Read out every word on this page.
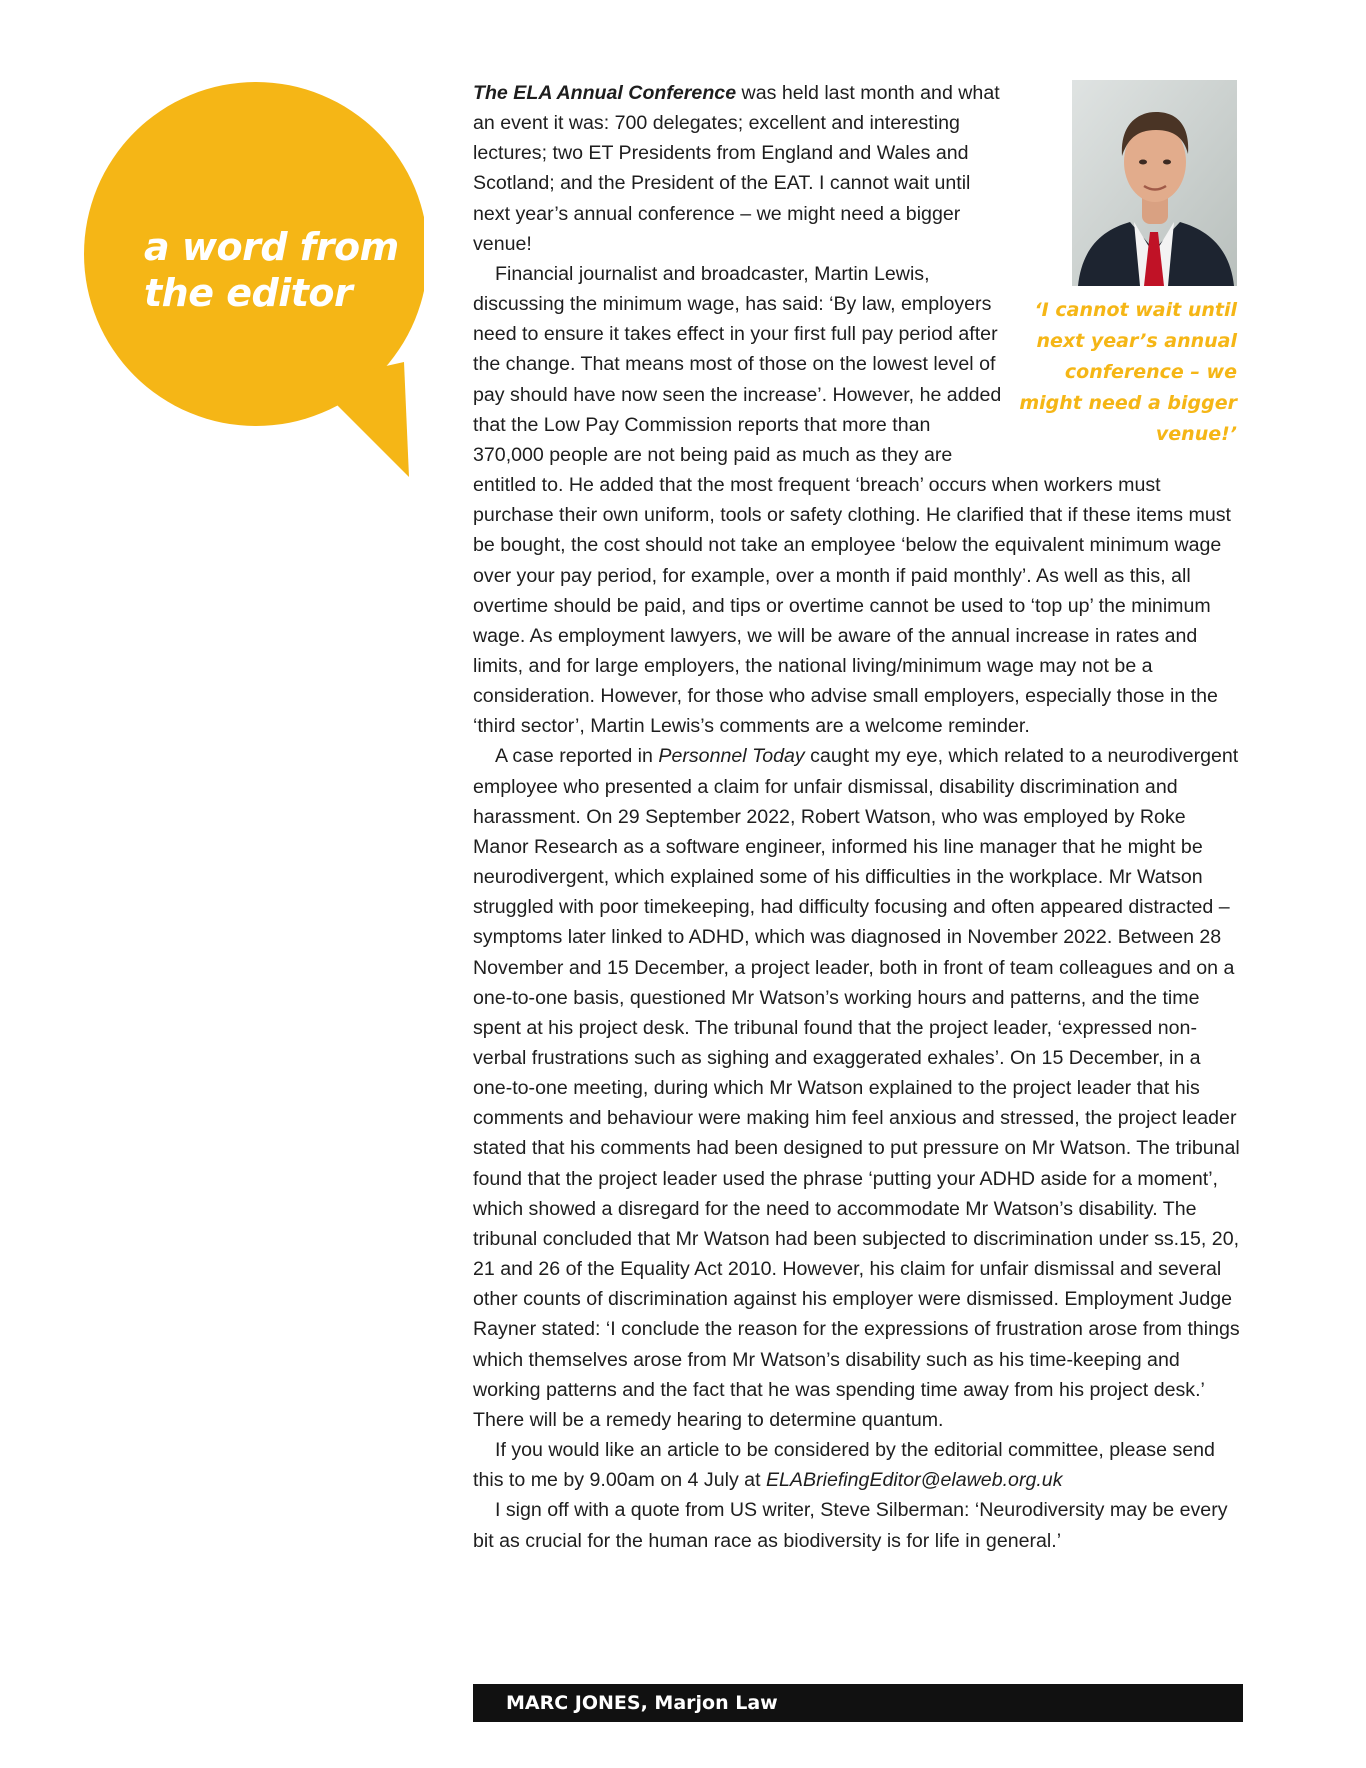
a word from
the editor	‘I cannot wait until next year’s annual conference – we might need a bigger venue!’

The ELA Annual Conference was held last month and what an event it was: 700 delegates; excellent and interesting lectures; two ET Presidents from England and Wales and Scotland; and the President of the EAT. I cannot wait until next year’s annual conference – we might need a bigger venue!

Financial journalist and broadcaster, Martin Lewis, discussing the minimum wage, has said: ‘By law, employers need to ensure it takes effect in your first full pay period after the change. That means most of those on the lowest level of pay should have now seen the increase’. However, he added that the Low Pay Commission reports that more than 370,000 people are not being paid as much as they are entitled to. He added that the most frequent ‘breach’ occurs when workers must purchase their own uniform, tools or safety clothing. He clarified that if these items must be bought, the cost should not take an employee ‘below the equivalent minimum wage over your pay period, for example, over a month if paid monthly’. As well as this, all overtime should be paid, and tips or overtime cannot be used to ‘top up’ the minimum wage. As employment lawyers, we will be aware of the annual increase in rates and limits, and for large employers, the national living/minimum wage may not be a consideration. However, for those who advise small employers, especially those in the ‘third sector’, Martin Lewis’s comments are a welcome reminder.

A case reported in Personnel Today caught my eye, which related to a neurodivergent employee who presented a claim for unfair dismissal, disability discrimination and harassment. On 29 September 2022, Robert Watson, who was employed by Roke Manor Research as a software engineer, informed his line manager that he might be neurodivergent, which explained some of his difficulties in the workplace. Mr Watson struggled with poor timekeeping, had difficulty focusing and often appeared distracted – symptoms later linked to ADHD, which was diagnosed in November 2022. Between 28 November and 15 December, a project leader, both in front of team colleagues and on a one-to-one basis, questioned Mr Watson’s working hours and patterns, and the time spent at his project desk. The tribunal found that the project leader, ‘expressed non-verbal frustrations such as sighing and exaggerated exhales’. On 15 December, in a one-to-one meeting, during which Mr Watson explained to the project leader that his comments and behaviour were making him feel anxious and stressed, the project leader stated that his comments had been designed to put pressure on Mr Watson. The tribunal found that the project leader used the phrase ‘putting your ADHD aside for a moment’, which showed a disregard for the need to accommodate Mr Watson’s disability. The tribunal concluded that Mr Watson had been subjected to discrimination under ss.15, 20, 21 and 26 of the Equality Act 2010. However, his claim for unfair dismissal and several other counts of discrimination against his employer were dismissed. Employment Judge Rayner stated: ‘I conclude the reason for the expressions of frustration arose from things which themselves arose from Mr Watson’s disability such as his time-keeping and working patterns and the fact that he was spending time away from his project desk.’ There will be a remedy hearing to determine quantum.

If you would like an article to be considered by the editorial committee, please send this to me by 9.00am on 4 July at ELABriefingEditor@elaweb.org.uk

I sign off with a quote from US writer, Steve Silberman: ‘Neurodiversity may be every bit as crucial for the human race as biodiversity is for life in general.’

MARC JONES, Marjon Law
